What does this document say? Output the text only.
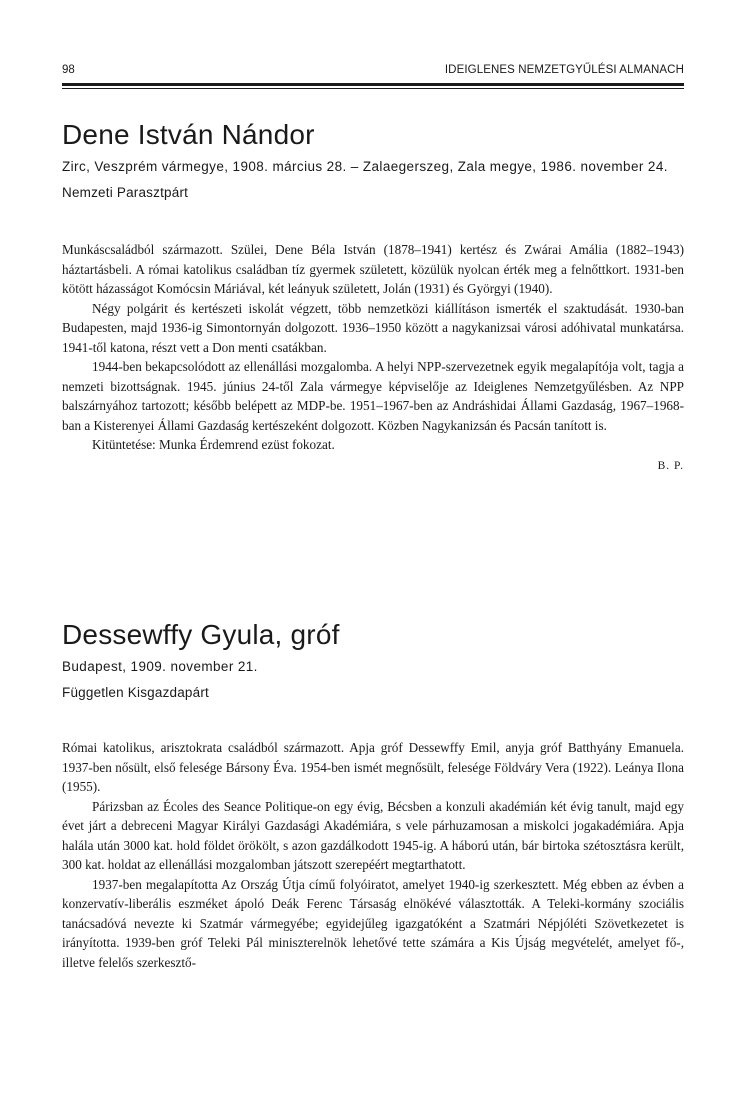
98	IDEIGLENES NEMZETGYŰLÉSI ALMANACH
Dene István Nándor

Zirc, Veszprém vármegye, 1908. március 28. – Zalaegerszeg, Zala megye, 1986. november 24.

Nemzeti Parasztpárt

Munkáscsaládból származott. Szülei, Dene Béla István (1878–1941) kertész és Zwárai Amália (1882–1943) háztartásbeli. A római katolikus családban tíz gyermek született, közülük nyolcan érték meg a felnőttkort. 1931-ben kötött házasságot Komócsin Máriával, két leányuk született, Jolán (1931) és Györgyi (1940).

Négy polgárit és kertészeti iskolát végzett, több nemzetközi kiállításon ismerték el szaktudását. 1930-ban Budapesten, majd 1936-ig Simontornyán dolgozott. 1936–1950 között a nagykanizsai városi adóhivatal munkatársa. 1941-től katona, részt vett a Don menti csatákban.

1944-ben bekapcsolódott az ellenállási mozgalomba. A helyi NPP-szervezetnek egyik megalapítója volt, tagja a nemzeti bizottságnak. 1945. június 24-től Zala vármegye képviselője az Ideiglenes Nemzetgyűlésben. Az NPP balszárnyához tartozott; később belépett az MDP-be. 1951–1967-ben az Andráshidai Állami Gazdaság, 1967–1968-ban a Kisterenyei Állami Gazdaság kertészeként dolgozott. Közben Nagykanizsán és Pacsán tanított is.

Kitüntetése: Munka Érdemrend ezüst fokozat.

B. P.
Dessewffy Gyula, gróf

Budapest, 1909. november 21.

Független Kisgazdapárt

Római katolikus, arisztokrata családból származott. Apja gróf Dessewffy Emil, anyja gróf Batthyány Emanuela. 1937-ben nősült, első felesége Bársony Éva. 1954-ben ismét megnősült, felesége Földváry Vera (1922). Leánya Ilona (1955).

Párizsban az Écoles des Seance Politique-on egy évig, Bécsben a konzuli akadémián két évig tanult, majd egy évet járt a debreceni Magyar Királyi Gazdasági Akadémiára, s vele párhuzamosan a miskolci jogakadémiára. Apja halála után 3000 kat. hold földet örökölt, s azon gazdálkodott 1945-ig. A háború után, bár birtoka szétosztásra került, 300 kat. holdat az ellenállási mozgalomban játszott szerepéért megtarthatott.

1937-ben megalapította Az Ország Útja című folyóiratot, amelyet 1940-ig szerkesztett. Még ebben az évben a konzervatív-liberális eszméket ápoló Deák Ferenc Társaság elnökévé választották. A Teleki-kormány szociális tanácsadóvá nevezte ki Szatmár vármegyébe; egyidejűleg igazgatóként a Szatmári Népjóléti Szövetkezetet is irányította. 1939-ben gróf Teleki Pál miniszterelnök lehetővé tette számára a Kis Újság megvételét, amelyet fő-, illetve felelős szerkesztő-
